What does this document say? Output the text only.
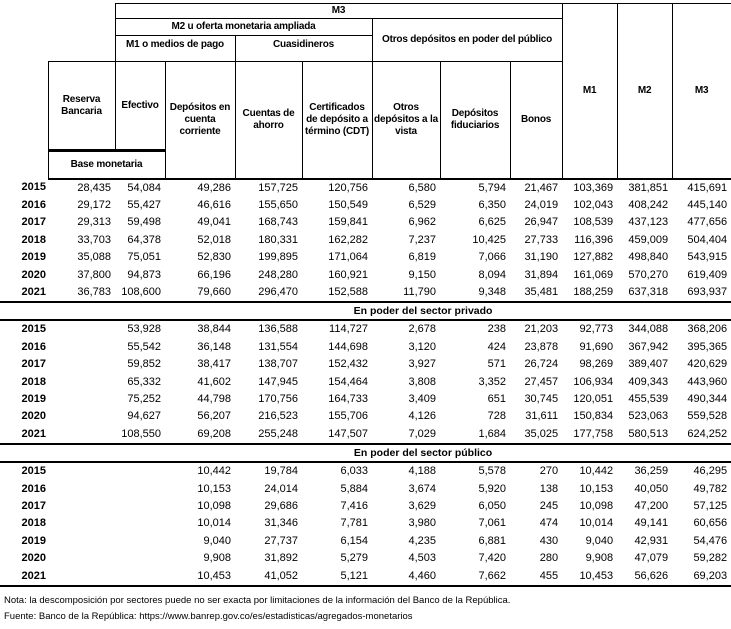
		M3							M1	M2	M3
		M2 u oferta monetaria ampliada				Otros depósitos en poder del público					
		M1 o medios de pago		Cuasidineros							
	Reserva Bancaria	Efectivo	Depósitos en cuenta corriente	Cuentas de ahorro	Certificados de depósito a término (CDT)	Otros depósitos a la vista	Depósitos fiduciarios	Bonos			
	Base monetaria										
2015	28,435	54,084	49,286	157,725	120,756	6,580	5,794	21,467	103,369	381,851	415,691
2016	29,172	55,427	46,616	155,650	150,549	6,529	6,350	24,019	102,043	408,242	445,140
2017	29,313	59,498	49,041	168,743	159,841	6,962	6,625	26,947	108,539	437,123	477,656
2018	33,703	64,378	52,018	180,331	162,282	7,237	10,425	27,733	116,396	459,009	504,404
2019	35,088	75,051	52,830	199,895	171,064	6,819	7,066	31,190	127,882	498,840	543,915
2020	37,800	94,873	66,196	248,280	160,921	9,150	8,094	31,894	161,069	570,270	619,409
2021	36,783	108,600	79,660	296,470	152,588	11,790	9,348	35,481	188,259	637,318	693,937
		En poder del sector privado									
2015		53,928	38,844	136,588	114,727	2,678	238	21,203	92,773	344,088	368,206
2016		55,542	36,148	131,554	144,698	3,120	424	23,878	91,690	367,942	395,365
2017		59,852	38,417	138,707	152,432	3,927	571	26,724	98,269	389,407	420,629
2018		65,332	41,602	147,945	154,464	3,808	3,352	27,457	106,934	409,343	443,960
2019		75,252	44,798	170,756	164,733	3,409	651	30,745	120,051	455,539	490,344
2020		94,627	56,207	216,523	155,706	4,126	728	31,611	150,834	523,063	559,528
2021		108,550	69,208	255,248	147,507	7,029	1,684	35,025	177,758	580,513	624,252
		En poder del sector público									
2015			10,442	19,784	6,033	4,188	5,578	270	10,442	36,259	46,295
2016			10,153	24,014	5,884	3,674	5,920	138	10,153	40,050	49,782
2017			10,098	29,686	7,416	3,629	6,050	245	10,098	47,200	57,125
2018			10,014	31,346	7,781	3,980	7,061	474	10,014	49,141	60,656
2019			9,040	27,737	6,154	4,235	6,881	430	9,040	42,931	54,476
2020			9,908	31,892	5,279	4,503	7,420	280	9,908	47,079	59,282
2021			10,453	41,052	5,121	4,460	7,662	455	10,453	56,626	69,203
Nota: la descomposición por sectores puede no ser exacta por limitaciones de la información del Banco de la República.
Fuente: Banco de la República: https://www.banrep.gov.co/es/estadisticas/agregados-monetarios
